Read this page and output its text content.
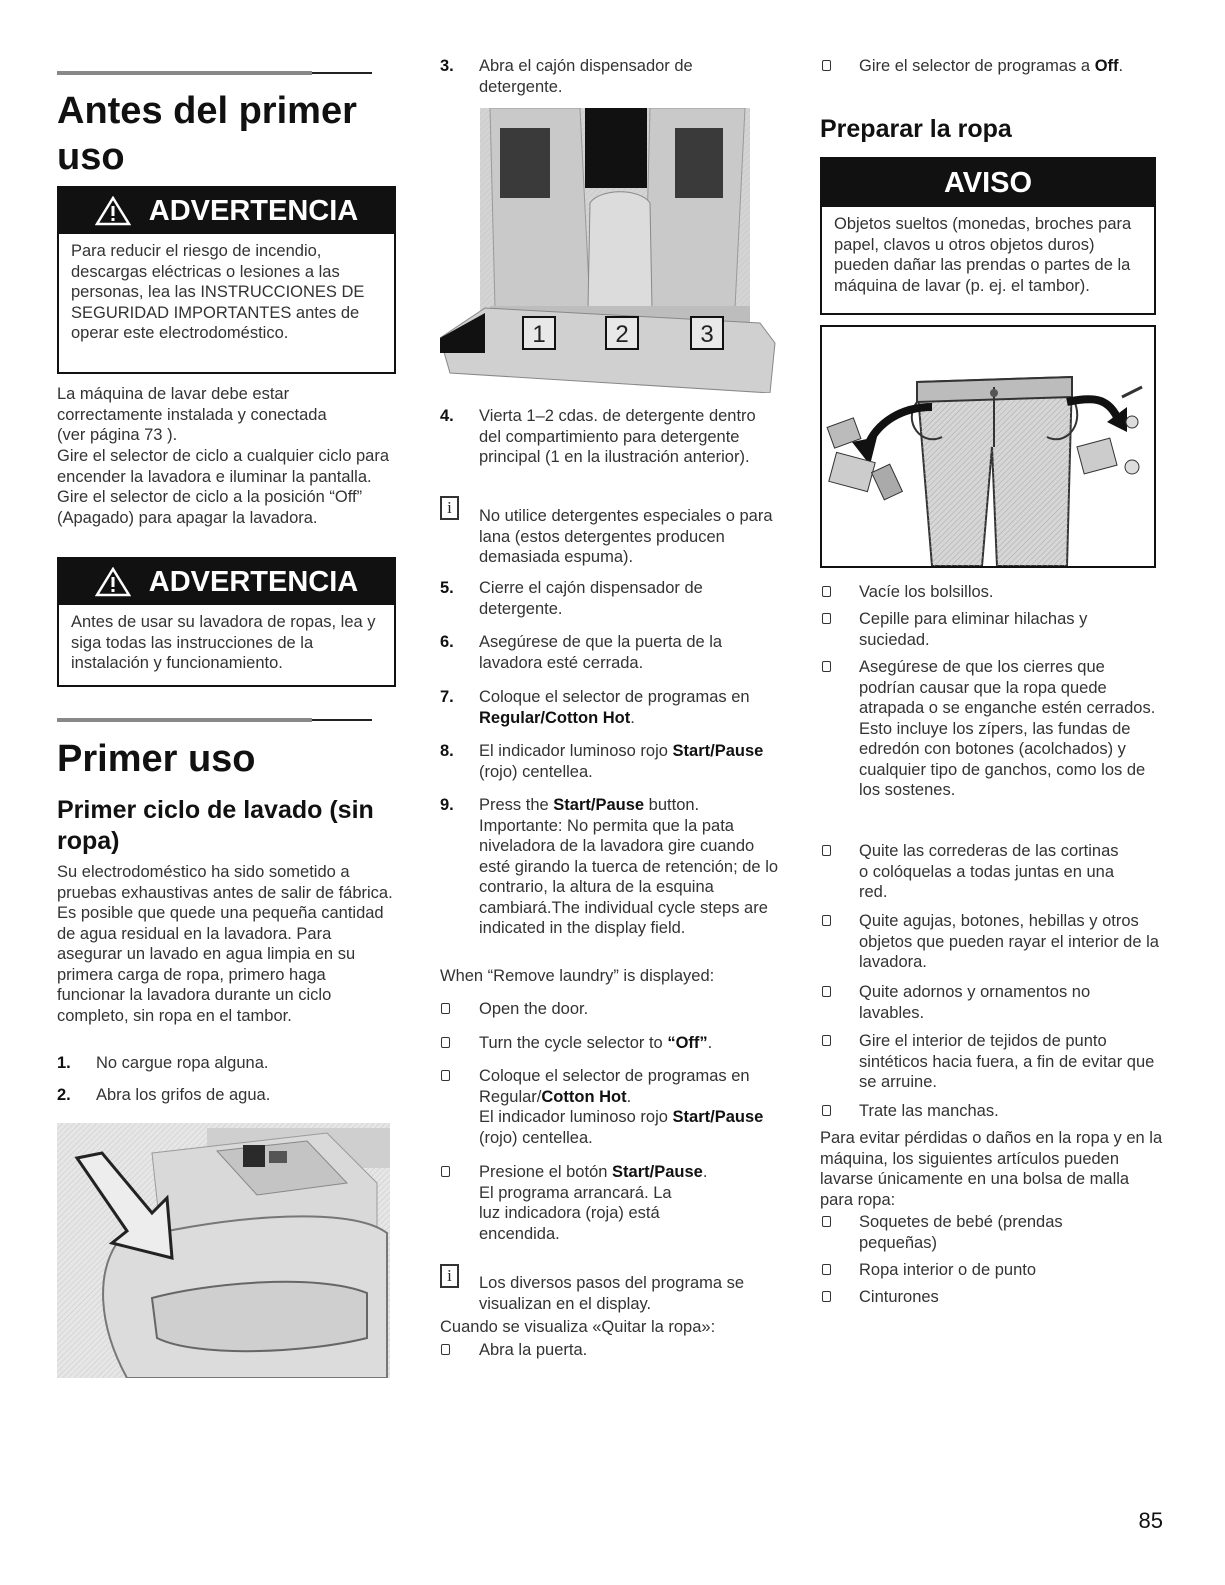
Antes del primer uso
ADVERTENCIA
Para reducir el riesgo de incendio, descargas eléctricas o lesiones a las personas, lea las INSTRUCCIONES DE SEGURIDAD IMPORTANTES antes de operar este electrodoméstico.

La máquina de lavar debe estar correctamente instalada y conectada (ver página 73 ).

Gire el selector de ciclo a cualquier ciclo para encender la lavadora e iluminar la pantalla. Gire el selector de ciclo a la posición “Off” (Apagado) para apagar la lavadora.

ADVERTENCIA
Antes de usar su lavadora de ropas, lea y siga todas las instrucciones de la instalación y funcionamiento.
Primer uso
Primer ciclo de lavado (sin ropa)

Su electrodoméstico ha sido sometido a pruebas exhaustivas antes de salir de fábrica. Es posible que quede una pequeña cantidad de agua residual en la lavadora. Para asegurar un lavado en agua limpia en su primera carga de ropa, primero haga funcionar la lavadora durante un ciclo completo, sin ropa en el tambor.

1. No cargue ropa alguna.
2. Abra los grifos de agua.
3. Abra el cajón dispensador de detergente.
1	2	3
4. Vierta 1–2 cdas. de detergente dentro del compartimiento para detergente principal (1 en la ilustración anterior).
i	No utilice detergentes especiales o para lana (estos detergentes producen demasiada espuma).
5. Cierre el cajón dispensador de detergente.
6. Asegúrese de que la puerta de la lavadora esté cerrada.
7. Coloque el selector de programas en Regular/Cotton Hot.
8. El indicador luminoso rojo Start/Pause (rojo) centellea.
9. Press the Start/Pause button.
Importante: No permita que la pata niveladora de la lavadora gire cuando esté girando la tuerca de retención; de lo contrario, la altura de la esquina cambiará.The individual cycle steps are indicated in the display field.

When “Remove laundry” is displayed:

Open the door.
Turn the cycle selector to “Off”.
Coloque el selector de programas en Regular/Cotton Hot.
El indicador luminoso rojo Start/Pause (rojo) centellea.
Presione el botón Start/Pause.
El programa arrancará. La luz indicadora (roja) está encendida.
i	Los diversos pasos del programa se visualizan en el display.

Cuando se visualiza «Quitar la ropa»:

Abra la puerta.
Gire el selector de programas a Off.
Preparar la ropa
AVISO
Objetos sueltos (monedas, broches para papel, clavos u otros objetos duros) pueden dañar las prendas o partes de la máquina de lavar (p. ej. el tambor).
Vacíe los bolsillos.
Cepille para eliminar hilachas y suciedad.
Asegúrese de que los cierres que podrían causar que la ropa quede atrapada o se enganche estén cerrados. Esto incluye los zípers, las fundas de edredón con botones (acolchados) y cualquier tipo de ganchos, como los de los sostenes.
Quite las correderas de las cortinas o colóquelas a todas juntas en una red.
Quite agujas, botones, hebillas y otros objetos que pueden rayar el interior de la lavadora.
Quite adornos y ornamentos no lavables.
Gire el interior de tejidos de punto sintéticos hacia fuera, a fin de evitar que se arruine.
Trate las manchas.

Para evitar pérdidas o daños en la ropa y en la máquina, los siguientes artículos pueden lavarse únicamente en una bolsa de malla para ropa:

Soquetes de bebé (prendas pequeñas)
Ropa interior o de punto
Cinturones
85
